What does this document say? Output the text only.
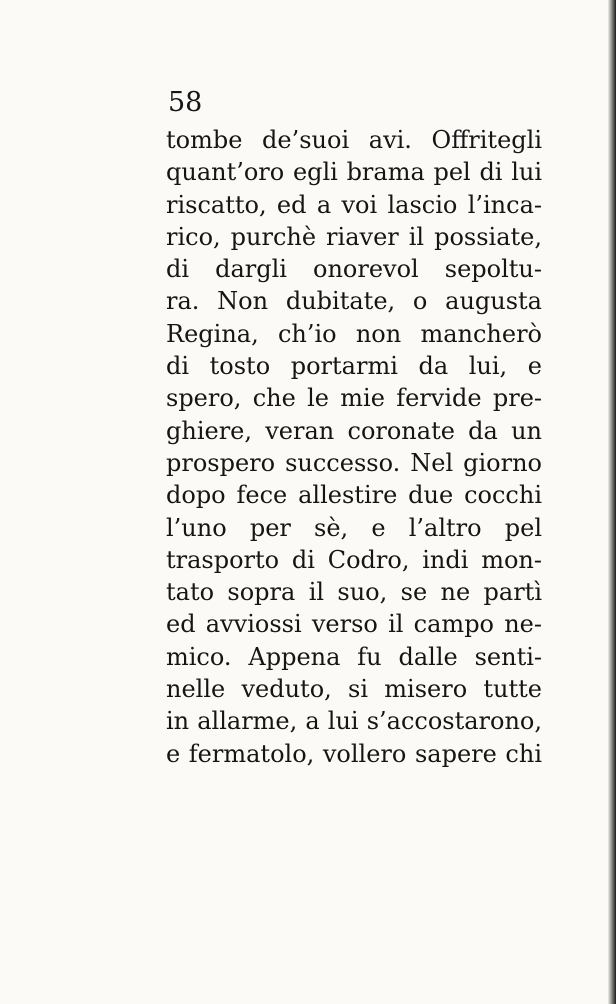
58
tombe de’suoi avi. Offritegli
quant’oro egli brama pel di lui
riscatto, ed a voi lascio l’inca-
rico, purchè riaver il possiate,
di dargli onorevol sepoltu-
ra. Non dubitate, o augusta
Regina, ch’io non mancherò
di tosto portarmi da lui, e
spero, che le mie fervide pre-
ghiere, veran coronate da un
prospero successo. Nel giorno
dopo fece allestire due cocchi
l’uno per sè, e l’altro pel
trasporto di Codro, indi mon-
tato sopra il suo, se ne partì
ed avviossi verso il campo ne-
mico. Appena fu dalle senti-
nelle veduto, si misero tutte
in allarme, a lui s’accostarono,
e fermatolo, vollero sapere chi
